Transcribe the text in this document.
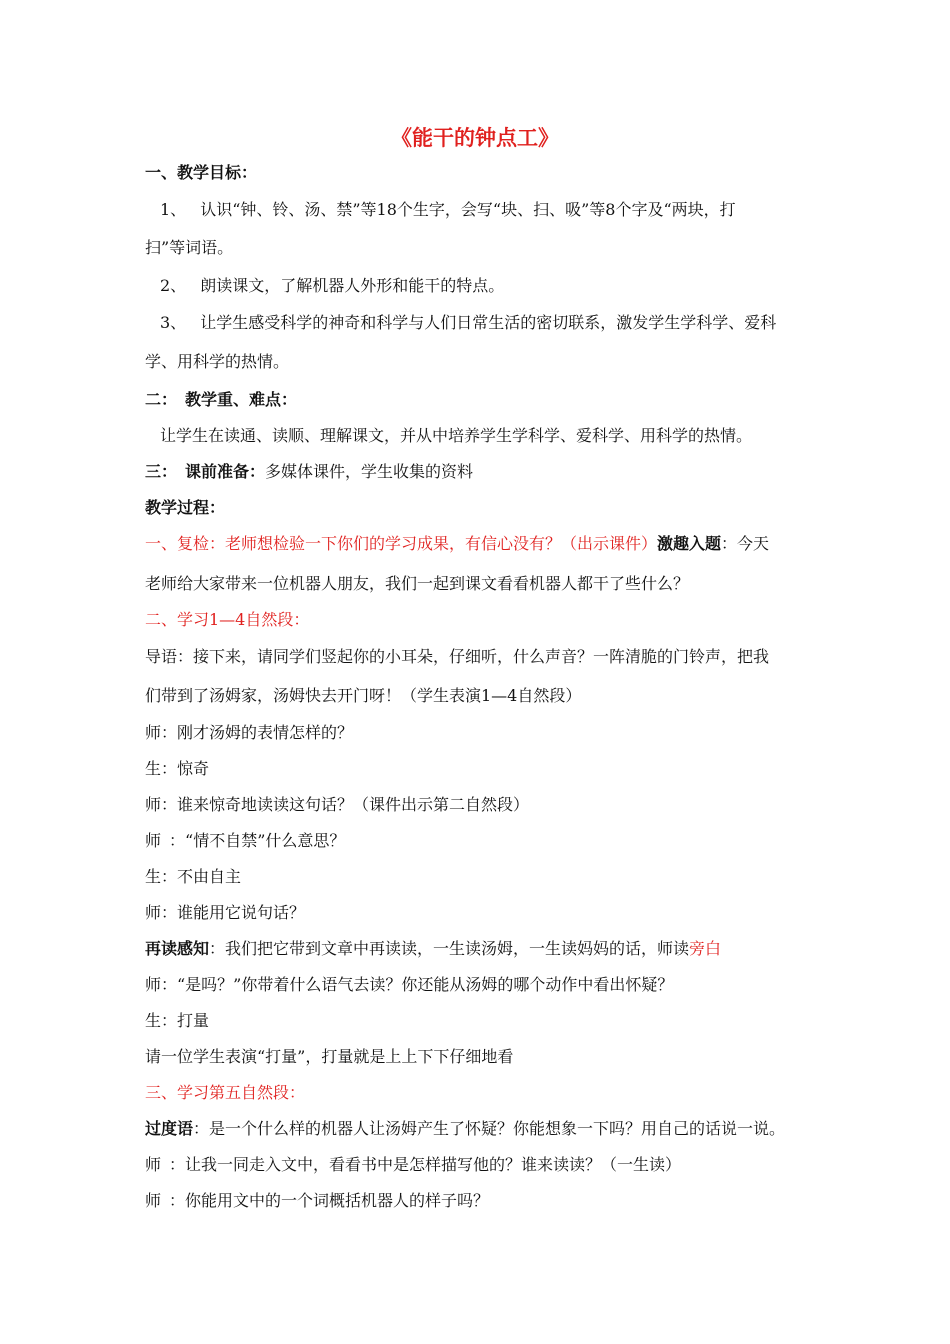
《能干的钟点工》
一、教学目标：
1、 认识“钟、铃、汤、禁”等18个生字，会写“块、扫、吸”等8个字及“两块，打
扫”等词语。
2、 朗读课文，了解机器人外形和能干的特点。
3、 让学生感受科学的神奇和科学与人们日常生活的密切联系，激发学生学科学、爱科
学、用科学的热情。
二： 教学重、难点：
让学生在读通、读顺、理解课文，并从中培养学生学科学、爱科学、用科学的热情。
三： 课前准备：多媒体课件，学生收集的资料
教学过程：
一、复检：老师想检验一下你们的学习成果，有信心没有？（出示课件）激趣入题：今天
老师给大家带来一位机器人朋友，我们一起到课文看看机器人都干了些什么？
二、学习1—4自然段：
导语：接下来，请同学们竖起你的小耳朵，仔细听，什么声音？一阵清脆的门铃声，把我
们带到了汤姆家，汤姆快去开门呀！（学生表演1—4自然段）
师：刚才汤姆的表情怎样的？
生：惊奇
师：谁来惊奇地读读这句话？（课件出示第二自然段）
师 ：“情不自禁”什么意思？
生：不由自主
师：谁能用它说句话？
再读感知：我们把它带到文章中再读读，一生读汤姆，一生读妈妈的话，师读旁白
师：“是吗？”你带着什么语气去读？你还能从汤姆的哪个动作中看出怀疑？
生：打量
请一位学生表演“打量”，打量就是上上下下仔细地看
三、学习第五自然段：
过度语：是一个什么样的机器人让汤姆产生了怀疑？你能想象一下吗？用自己的话说一说。
师 ：让我一同走入文中，看看书中是怎样描写他的？谁来读读？（一生读）
师 ：你能用文中的一个词概括机器人的样子吗？
